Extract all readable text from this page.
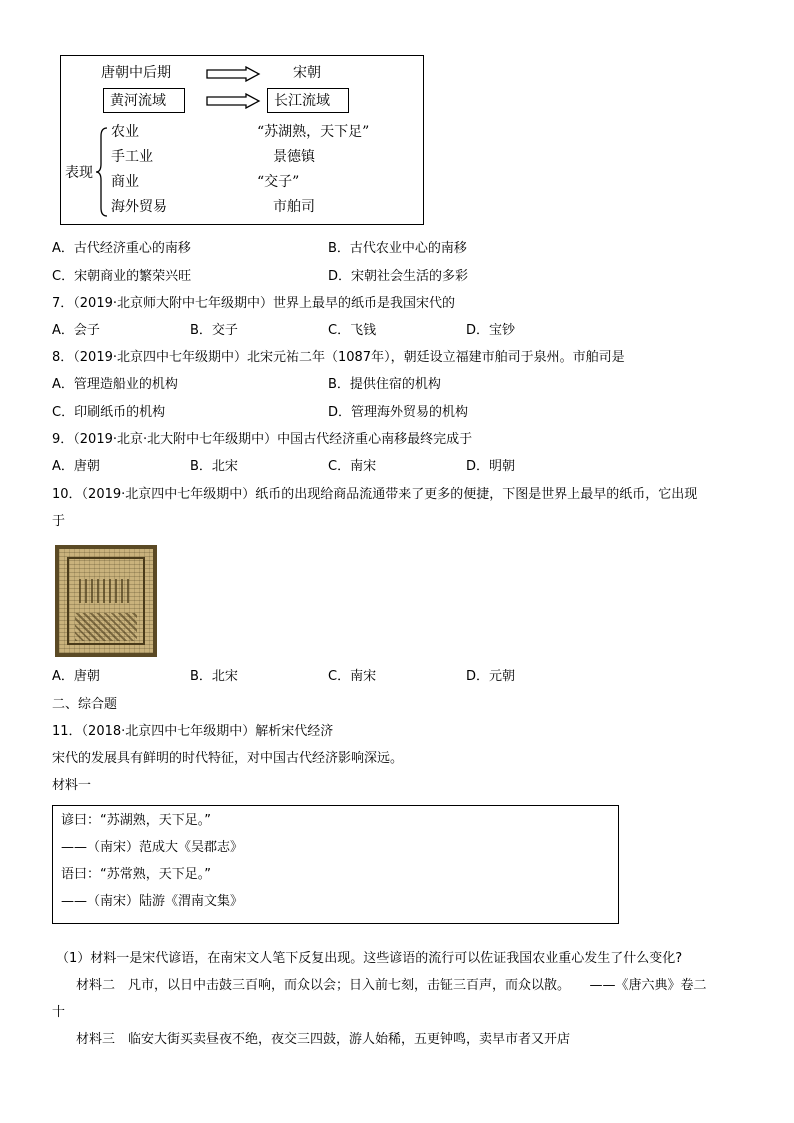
唐朝中后期	宋朝
黄河流域	长江流域
表现
农业	“苏湖熟，天下足”
手工业	景德镇
商业	“交子”
海外贸易	市舶司
A．古代经济重心的南移	B．古代农业中心的南移
C．宋朝商业的繁荣兴旺	D．宋朝社会生活的多彩
7．（2019·北京师大附中七年级期中）世界上最早的纸币是我国宋代的
A．会子	B．交子	C．飞钱	D．宝钞
8．（2019·北京四中七年级期中）北宋元祐二年（1087年），朝廷设立福建市舶司于泉州。市舶司是
A．管理造船业的机构	B．提供住宿的机构
C．印刷纸币的机构	D．管理海外贸易的机构
9．（2019·北京·北大附中七年级期中）中国古代经济重心南移最终完成于
A．唐朝	B．北宋	C．南宋	D．明朝
10．（2019·北京四中七年级期中）纸币的出现给商品流通带来了更多的便捷，下图是世界上最早的纸币，它出现
于
A．唐朝	B．北宋	C．南宋	D．元朝
二、综合题
11．（2018·北京四中七年级期中）解析宋代经济
宋代的发展具有鲜明的时代特征，对中国古代经济影响深远。
材料一
谚曰：“苏湖熟，天下足。”
——（南宋）范成大《吴郡志》
语曰：“苏常熟，天下足。”
——（南宋）陆游《渭南文集》
（1）材料一是宋代谚语，在南宋文人笔下反复出现。这些谚语的流行可以佐证我国农业重心发生了什么变化?
材料二　凡市，以日中击鼓三百响，而众以会；日入前七刻，击钲三百声，而众以散。　　——《唐六典》卷二
十
材料三　临安大街买卖昼夜不绝，夜交三四鼓，游人始稀，五更钟鸣，卖早市者又开店
